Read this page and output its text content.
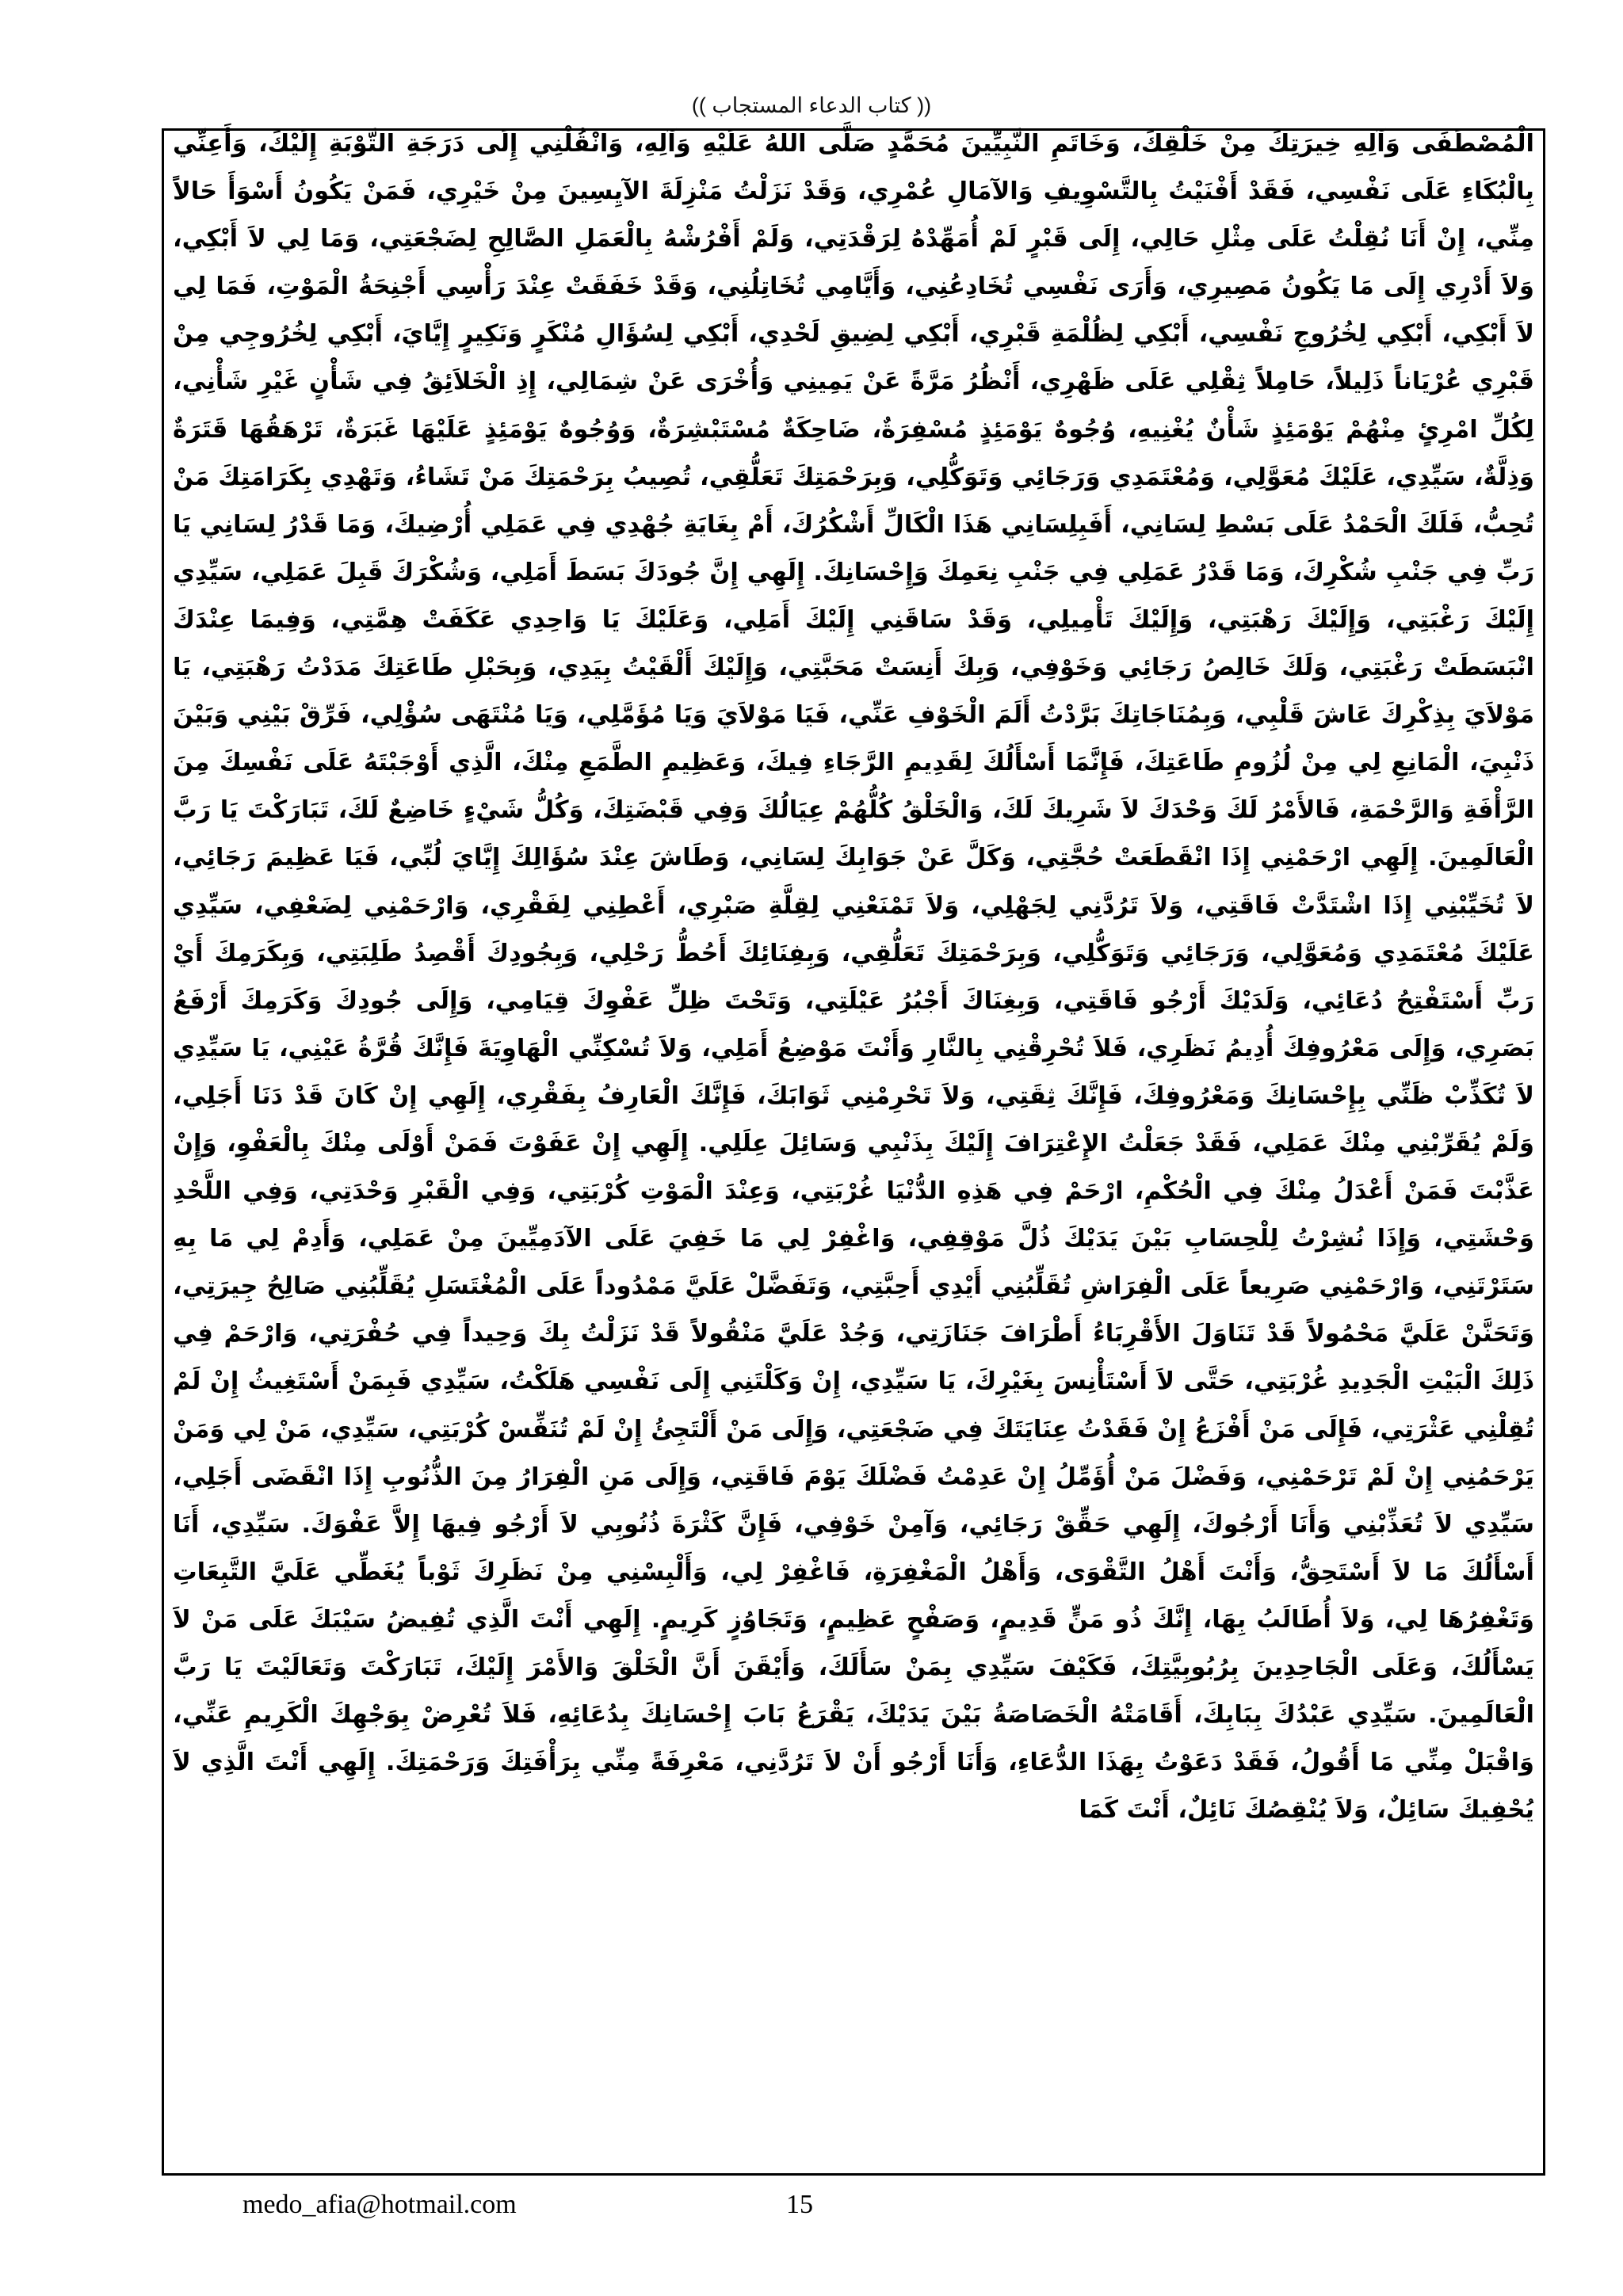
(( كتاب الدعاء المستجاب ))
الْمُصْطَفَى وَآلِهِ خِيرَتِكَ مِنْ خَلْقِكَ، وَخَاتَمِ النَّبِيِّينَ مُحَمَّدٍ صَلَّى اللهُ عَلَيْهِ وَآلِهِ، وَانْقُلْنِي إِلَى دَرَجَةِ التَّوْبَةِ إِلَيْكَ، وَأَعِنِّي بِالْبُكَاءِ عَلَى نَفْسِي، فَقَدْ أَفْنَيْتُ بِالتَّسْوِيفِ وَالآمَالِ عُمْرِي، وَقَدْ نَزَلْتُ مَنْزِلَةَ الآيِسِينَ مِنْ خَيْرِي، فَمَنْ يَكُونُ أَسْوَأَ حَالاً مِنِّي، إِنْ أَنَا نُقِلْتُ عَلَى مِثْلِ حَالِي، إِلَى قَبْرٍ لَمْ أُمَهِّدْهُ لِرَقْدَتِي، وَلَمْ أَفْرُشْهُ بِالْعَمَلِ الصَّالِحِ لِضَجْعَتِي، وَمَا لِي لاَ أَبْكِي، وَلاَ أَدْرِي إِلَى مَا يَكُونُ مَصِيرِي، وَأَرَى نَفْسِي تُخَادِعُنِي، وَأَيَّامِي تُخَاتِلُنِي، وَقَدْ خَفَقَتْ عِنْدَ رَأْسِي أَجْنِحَةُ الْمَوْتِ، فَمَا لِي لاَ أَبْكِي، أَبْكِي لِخُرُوجِ نَفْسِي، أَبْكِي لِظُلْمَةِ قَبْرِي، أَبْكِي لِضِيقِ لَحْدِي، أَبْكِي لِسُؤَالِ مُنْكَرٍ وَنَكِيرٍ إِيَّايَ، أَبْكِي لِخُرُوجِي مِنْ قَبْرِي عُرْيَاناً ذَلِيلاً، حَامِلاً ثِقْلِي عَلَى ظَهْرِي، أَنْظُرُ مَرَّةً عَنْ يَمِينِي وَأُخْرَى عَنْ شِمَالِي، إِذِ الْخَلاَئِقُ فِي شَأْنٍ غَيْرِ شَأْنِي، لِكُلِّ امْرِئٍ مِنْهُمْ يَوْمَئِذٍ شَأْنٌ يُغْنِيهِ، وُجُوهٌ يَوْمَئِذٍ مُسْفِرَةٌ، ضَاحِكَةٌ مُسْتَبْشِرَةٌ، وَوُجُوهٌ يَوْمَئِذٍ عَلَيْهَا غَبَرَةٌ، تَرْهَقُهَا قَتَرَةٌ وَذِلَّةٌ، سَيِّدِي، عَلَيْكَ مُعَوَّلِي، وَمُعْتَمَدِي وَرَجَائِي وَتَوَكُّلِي، وَبِرَحْمَتِكَ تَعَلُّقِي، تُصِيبُ بِرَحْمَتِكَ مَنْ تَشَاءُ، وَتَهْدِي بِكَرَامَتِكَ مَنْ تُحِبُّ، فَلَكَ الْحَمْدُ عَلَى بَسْطِ لِسَانِي، أَفَبِلِسَانِي هَذَا الْكَالِّ أَشْكُرُكَ، أَمْ بِغَايَةِ جُهْدِي فِي عَمَلِي أُرْضِيكَ، وَمَا قَدْرُ لِسَانِي يَا رَبِّ فِي جَنْبِ شُكْرِكَ، وَمَا قَدْرُ عَمَلِي فِي جَنْبِ نِعَمِكَ وَإِحْسَانِكَ. إِلَهِي إِنَّ جُودَكَ بَسَطَ أَمَلِي، وَشُكْرَكَ قَبِلَ عَمَلِي، سَيِّدِي إِلَيْكَ رَغْبَتِي، وَإِلَيْكَ رَهْبَتِي، وَإِلَيْكَ تَأْمِيلِي، وَقَدْ سَاقَنِي إِلَيْكَ أَمَلِي، وَعَلَيْكَ يَا وَاحِدِي عَكَفَتْ هِمَّتِي، وَفِيمَا عِنْدَكَ انْبَسَطَتْ رَغْبَتِي، وَلَكَ خَالِصُ رَجَائِي وَخَوْفِي، وَبِكَ أَنِسَتْ مَحَبَّتِي، وَإِلَيْكَ أَلْقَيْتُ بِيَدِي، وَبِحَبْلِ طَاعَتِكَ مَدَدْتُ رَهْبَتِي، يَا مَوْلاَيَ بِذِكْرِكَ عَاشَ قَلْبِي، وَبِمُنَاجَاتِكَ بَرَّدْتُ أَلَمَ الْخَوْفِ عَنِّي، فَيَا مَوْلاَيَ وَيَا مُؤَمَّلِي، وَيَا مُنْتَهَى سُؤْلِي، فَرِّقْ بَيْنِي وَبَيْنَ ذَنْبِيَ، الْمَانِعِ لِي مِنْ لُزُومِ طَاعَتِكَ، فَإِنَّمَا أَسْأَلُكَ لِقَدِيمِ الرَّجَاءِ فِيكَ، وَعَظِيمِ الطَّمَعِ مِنْكَ، الَّذِي أَوْجَبْتَهُ عَلَى نَفْسِكَ مِنَ الرَّأْفَةِ وَالرَّحْمَةِ، فَالأَمْرُ لَكَ وَحْدَكَ لاَ شَرِيكَ لَكَ، وَالْخَلْقُ كُلُّهُمْ عِيَالُكَ وَفِي قَبْضَتِكَ، وَكُلُّ شَيْءٍ خَاضِعٌ لَكَ، تَبَارَكْتَ يَا رَبَّ الْعَالَمِينَ. إِلَهِي ارْحَمْنِي إِذَا انْقَطَعَتْ حُجَّتِي، وَكَلَّ عَنْ جَوَابِكَ لِسَانِي، وَطَاشَ عِنْدَ سُؤَالِكَ إِيَّايَ لُبِّي، فَيَا عَظِيمَ رَجَائِي، لاَ تُخَيِّبْنِي إِذَا اشْتَدَّتْ فَاقَتِي، وَلاَ تَرُدَّنِي لِجَهْلِي، وَلاَ تَمْنَعْنِي لِقِلَّةِ صَبْرِي، أَعْطِنِي لِفَقْرِي، وَارْحَمْنِي لِضَعْفِي، سَيِّدِي عَلَيْكَ مُعْتَمَدِي وَمُعَوَّلِي، وَرَجَائِي وَتَوَكُّلِي، وَبِرَحْمَتِكَ تَعَلُّقِي، وَبِفِنَائِكَ أَحُطُّ رَحْلِي، وَبِجُودِكَ أَقْصِدُ طَلِبَتِي، وَبِكَرَمِكَ أَيْ رَبِّ أَسْتَفْتِحُ دُعَائِي، وَلَدَيْكَ أَرْجُو فَاقَتِي، وَبِغِنَاكَ أَجْبُرُ عَيْلَتِي، وَتَحْتَ ظِلِّ عَفْوِكَ قِيَامِي، وَإِلَى جُودِكَ وَكَرَمِكَ أَرْفَعُ بَصَرِي، وَإِلَى مَعْرُوفِكَ أُدِيمُ نَظَرِي، فَلاَ تُحْرِقْنِي بِالنَّارِ وَأَنْتَ مَوْضِعُ أَمَلِي، وَلاَ تُسْكِنِّي الْهَاوِيَةَ فَإِنَّكَ قُرَّةُ عَيْنِي، يَا سَيِّدِي لاَ تُكَذِّبْ ظَنِّي بِإِحْسَانِكَ وَمَعْرُوفِكَ، فَإِنَّكَ ثِقَتِي، وَلاَ تَحْرِمْنِي ثَوَابَكَ، فَإِنَّكَ الْعَارِفُ بِفَقْرِي، إِلَهِي إِنْ كَانَ قَدْ دَنَا أَجَلِي، وَلَمْ يُقَرِّبْنِي مِنْكَ عَمَلِي، فَقَدْ جَعَلْتُ الإِعْتِرَافَ إِلَيْكَ بِذَنْبِي وَسَائِلَ عِلَلِي. إِلَهِي إِنْ عَفَوْتَ فَمَنْ أَوْلَى مِنْكَ بِالْعَفْوِ، وَإِنْ عَذَّبْتَ فَمَنْ أَعْدَلُ مِنْكَ فِي الْحُكْمِ، ارْحَمْ فِي هَذِهِ الدُّنْيَا غُرْبَتِي، وَعِنْدَ الْمَوْتِ كُرْبَتِي، وَفِي الْقَبْرِ وَحْدَتِي، وَفِي اللَّحْدِ وَحْشَتِي، وَإِذَا نُشِرْتُ لِلْحِسَابِ بَيْنَ يَدَيْكَ ذُلَّ مَوْقِفِي، وَاغْفِرْ لِي مَا خَفِيَ عَلَى الآدَمِيِّينَ مِنْ عَمَلِي، وَأَدِمْ لِي مَا بِهِ سَتَرْتَنِي، وَارْحَمْنِي صَرِيعاً عَلَى الْفِرَاشِ تُقَلِّبُنِي أَيْدِي أَحِبَّتِي، وَتَفَضَّلْ عَلَيَّ مَمْدُوداً عَلَى الْمُغْتَسَلِ يُقَلِّبُنِي صَالِحُ جِيرَتِي، وَتَحَنَّنْ عَلَيَّ مَحْمُولاً قَدْ تَنَاوَلَ الأَقْرِبَاءُ أَطْرَافَ جَنَازَتِي، وَجُدْ عَلَيَّ مَنْقُولاً قَدْ نَزَلْتُ بِكَ وَحِيداً فِي حُفْرَتِي، وَارْحَمْ فِي ذَلِكَ الْبَيْتِ الْجَدِيدِ غُرْبَتِي، حَتَّى لاَ أَسْتَأْنِسَ بِغَيْرِكَ، يَا سَيِّدِي، إِنْ وَكَلْتَنِي إِلَى نَفْسِي هَلَكْتُ، سَيِّدِي فَبِمَنْ أَسْتَغِيثُ إِنْ لَمْ تُقِلْنِي عَثْرَتِي، فَإِلَى مَنْ أَفْزَعُ إِنْ فَقَدْتُ عِنَايَتَكَ فِي ضَجْعَتِي، وَإِلَى مَنْ أَلْتَجِئُ إِنْ لَمْ تُنَفِّسْ كُرْبَتِي، سَيِّدِي، مَنْ لِي وَمَنْ يَرْحَمُنِي إِنْ لَمْ تَرْحَمْنِي، وَفَضْلَ مَنْ أُؤَمِّلُ إِنْ عَدِمْتُ فَضْلَكَ يَوْمَ فَاقَتِي، وَإِلَى مَنِ الْفِرَارُ مِنَ الذُّنُوبِ إِذَا انْقَضَى أَجَلِي، سَيِّدِي لاَ تُعَذِّبْنِي وَأَنَا أَرْجُوكَ، إِلَهِي حَقِّقْ رَجَائِي، وَآمِنْ خَوْفِي، فَإِنَّ كَثْرَةَ ذُنُوبِي لاَ أَرْجُو فِيهَا إِلاَّ عَفْوَكَ. سَيِّدِي، أَنَا أَسْأَلُكَ مَا لاَ أَسْتَحِقُّ، وَأَنْتَ أَهْلُ التَّقْوَى، وَأَهْلُ الْمَغْفِرَةِ، فَاغْفِرْ لِي، وَأَلْبِسْنِي مِنْ نَظَرِكَ ثَوْباً يُغَطِّي عَلَيَّ التَّبِعَاتِ وَتَغْفِرُهَا لِي، وَلاَ أُطَالَبُ بِهَا، إِنَّكَ ذُو مَنٍّ قَدِيمٍ، وَصَفْحٍ عَظِيمٍ، وَتَجَاوُزٍ كَرِيمٍ. إِلَهِي أَنْتَ الَّذِي تُفِيضُ سَيْبَكَ عَلَى مَنْ لاَ يَسْأَلُكَ، وَعَلَى الْجَاحِدِينَ بِرُبُوبِيَّتِكَ، فَكَيْفَ سَيِّدِي بِمَنْ سَأَلَكَ، وَأَيْقَنَ أَنَّ الْخَلْقَ وَالأَمْرَ إِلَيْكَ، تَبَارَكْتَ وَتَعَالَيْتَ يَا رَبَّ الْعَالَمِينَ. سَيِّدِي عَبْدُكَ بِبَابِكَ، أَقَامَتْهُ الْخَصَاصَةُ بَيْنَ يَدَيْكَ، يَقْرَعُ بَابَ إِحْسَانِكَ بِدُعَائِهِ، فَلاَ تُعْرِضْ بِوَجْهِكَ الْكَرِيمِ عَنِّي، وَاقْبَلْ مِنِّي مَا أَقُولُ، فَقَدْ دَعَوْتُ بِهَذَا الدُّعَاءِ، وَأَنَا أَرْجُو أَنْ لاَ تَرُدَّنِي، مَعْرِفَةً مِنِّي بِرَأْفَتِكَ وَرَحْمَتِكَ. إِلَهِي أَنْتَ الَّذِي لاَ يُحْفِيكَ سَائِلٌ، وَلاَ يُنْقِصُكَ نَائِلٌ، أَنْتَ كَمَا
medo_afia@hotmail.com	15
